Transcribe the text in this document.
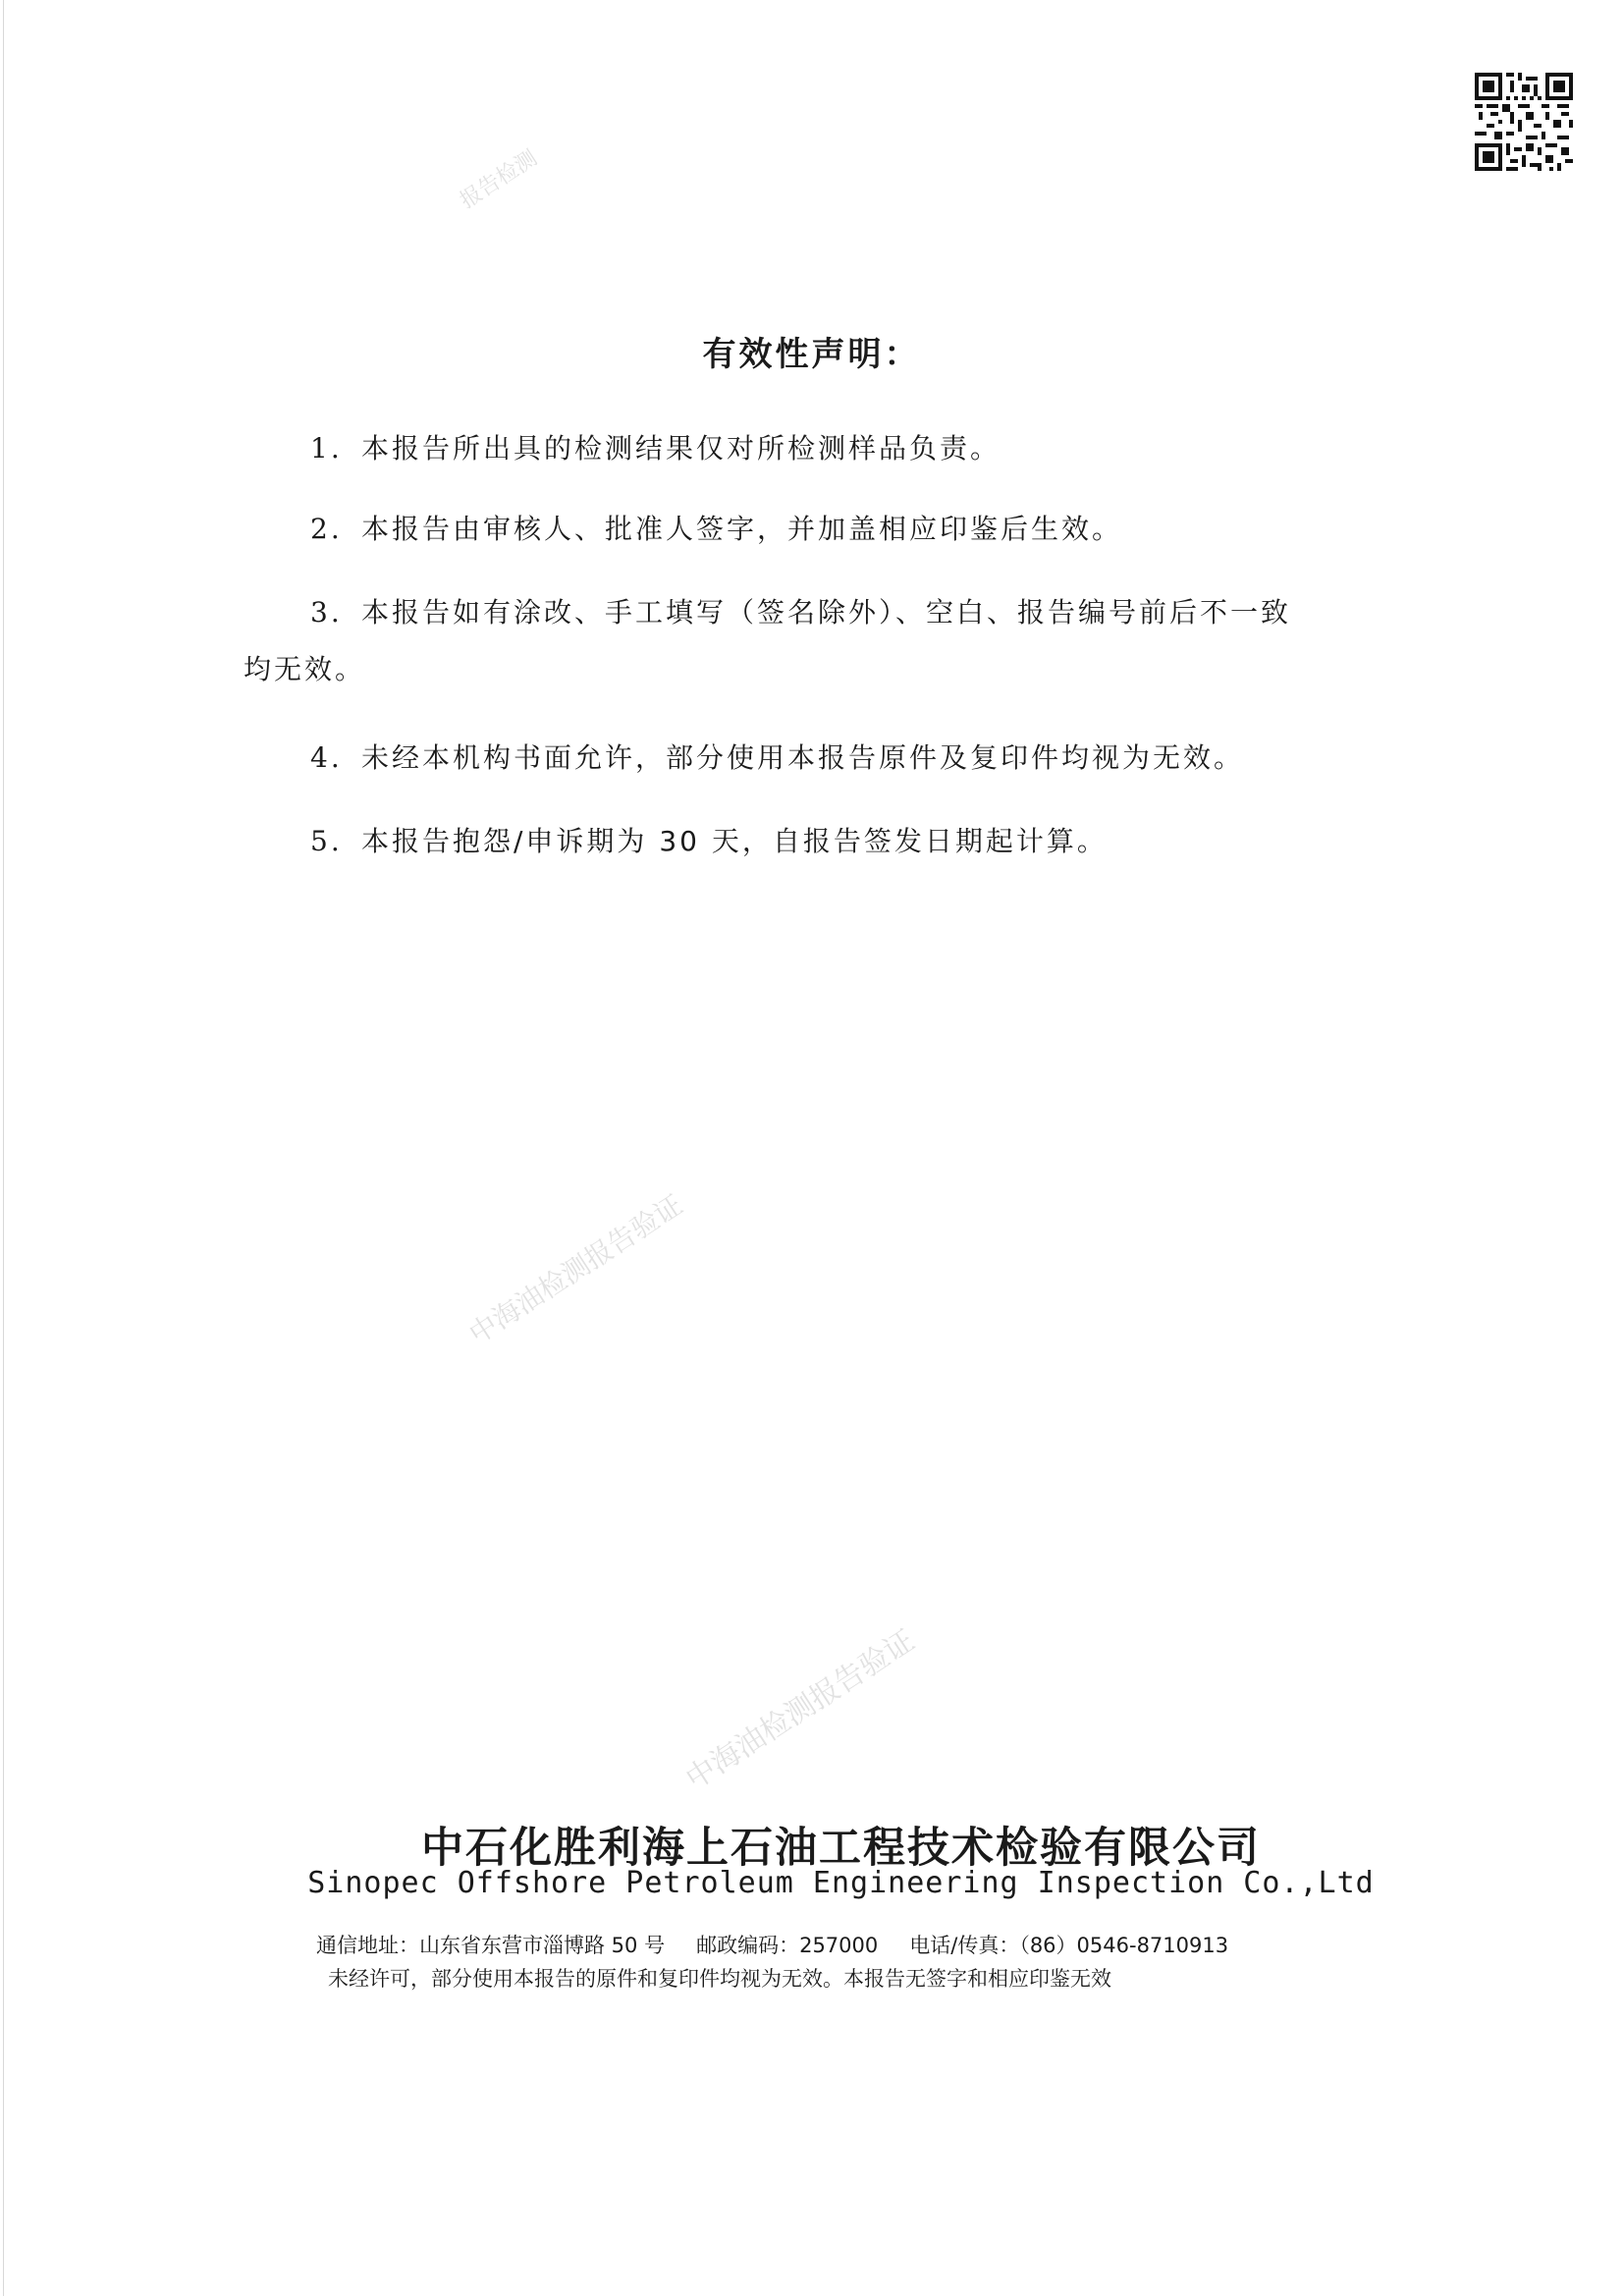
中海油检测报告验证
中海油检测报告验证
报告检测
有效性声明：
1. 本报告所出具的检测结果仅对所检测样品负责。
2. 本报告由审核人、批准人签字，并加盖相应印鉴后生效。
3. 本报告如有涂改、手工填写（签名除外）、空白、报告编号前后不一致
均无效。
4. 未经本机构书面允许，部分使用本报告原件及复印件均视为无效。
5. 本报告抱怨/申诉期为 30 天，自报告签发日期起计算。
中石化胜利海上石油工程技术检验有限公司
Sinopec Offshore Petroleum Engineering Inspection Co.,Ltd
通信地址：山东省东营市淄博路 50 号 邮政编码：257000 电话/传真：（86）0546-8710913
未经许可，部分使用本报告的原件和复印件均视为无效。本报告无签字和相应印鉴无效
